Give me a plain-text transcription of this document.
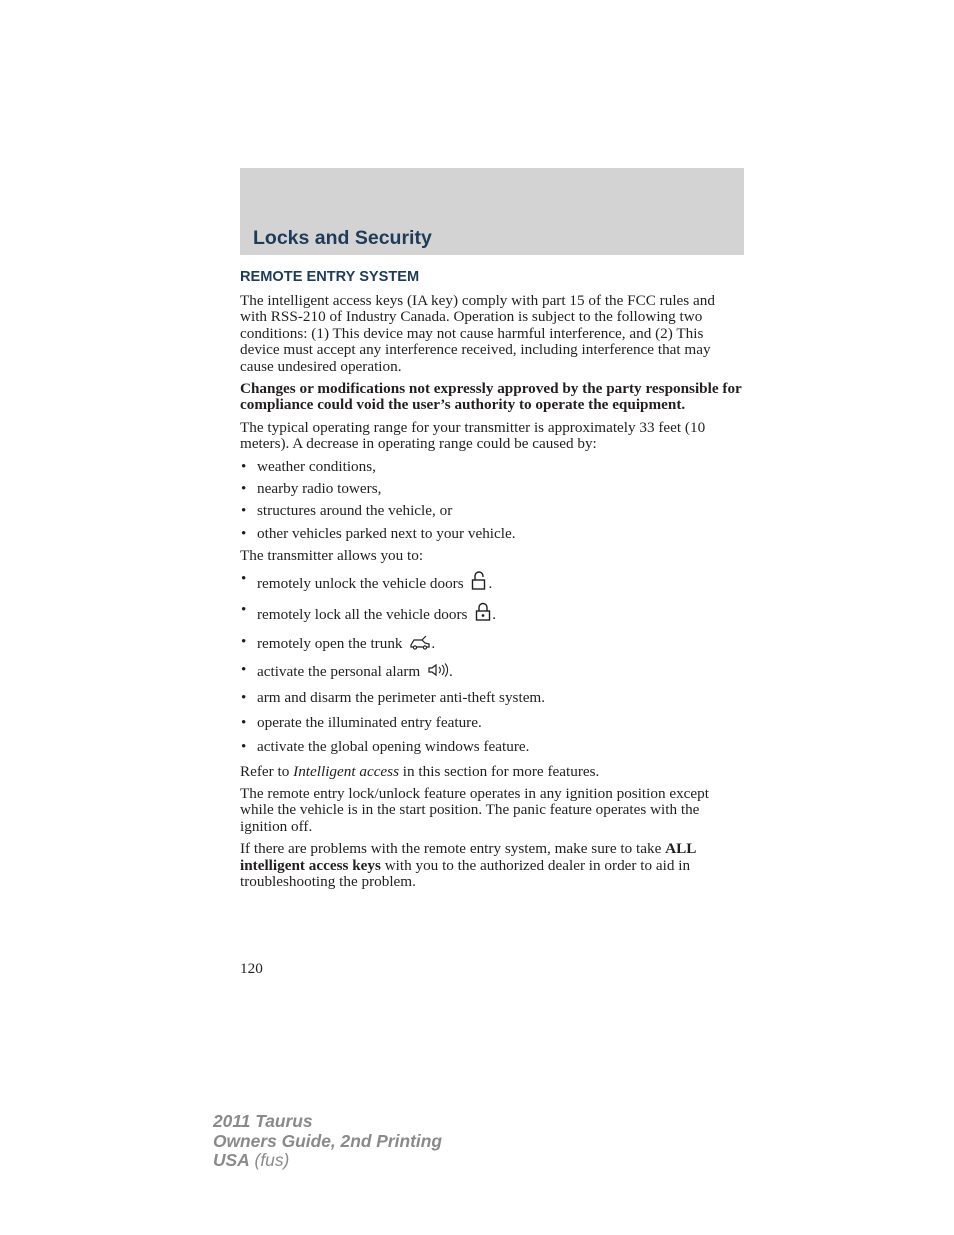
Locks and Security
REMOTE ENTRY SYSTEM

The intelligent access keys (IA key) comply with part 15 of the FCC rules and with RSS-210 of Industry Canada. Operation is subject to the following two conditions: (1) This device may not cause harmful interference, and (2) This device must accept any interference received, including interference that may cause undesired operation.

Changes or modifications not expressly approved by the party responsible for compliance could void the user’s authority to operate the equipment.

The typical operating range for your transmitter is approximately 33 feet (10 meters). A decrease in operating range could be caused by:

• weather conditions,
• nearby radio towers,
• structures around the vehicle, or
• other vehicles parked next to your vehicle.

The transmitter allows you to:

• remotely unlock the vehicle doors .
• remotely lock all the vehicle doors .
• remotely open the trunk .
• activate the personal alarm .
• arm and disarm the perimeter anti-theft system.
• operate the illuminated entry feature.
• activate the global opening windows feature.

Refer to Intelligent access in this section for more features.

The remote entry lock/unlock feature operates in any ignition position except while the vehicle is in the start position. The panic feature operates with the ignition off.

If there are problems with the remote entry system, make sure to take ALL intelligent access keys with you to the authorized dealer in order to aid in troubleshooting the problem.

120
2011 Taurus
Owners Guide, 2nd Printing
USA (fus)
